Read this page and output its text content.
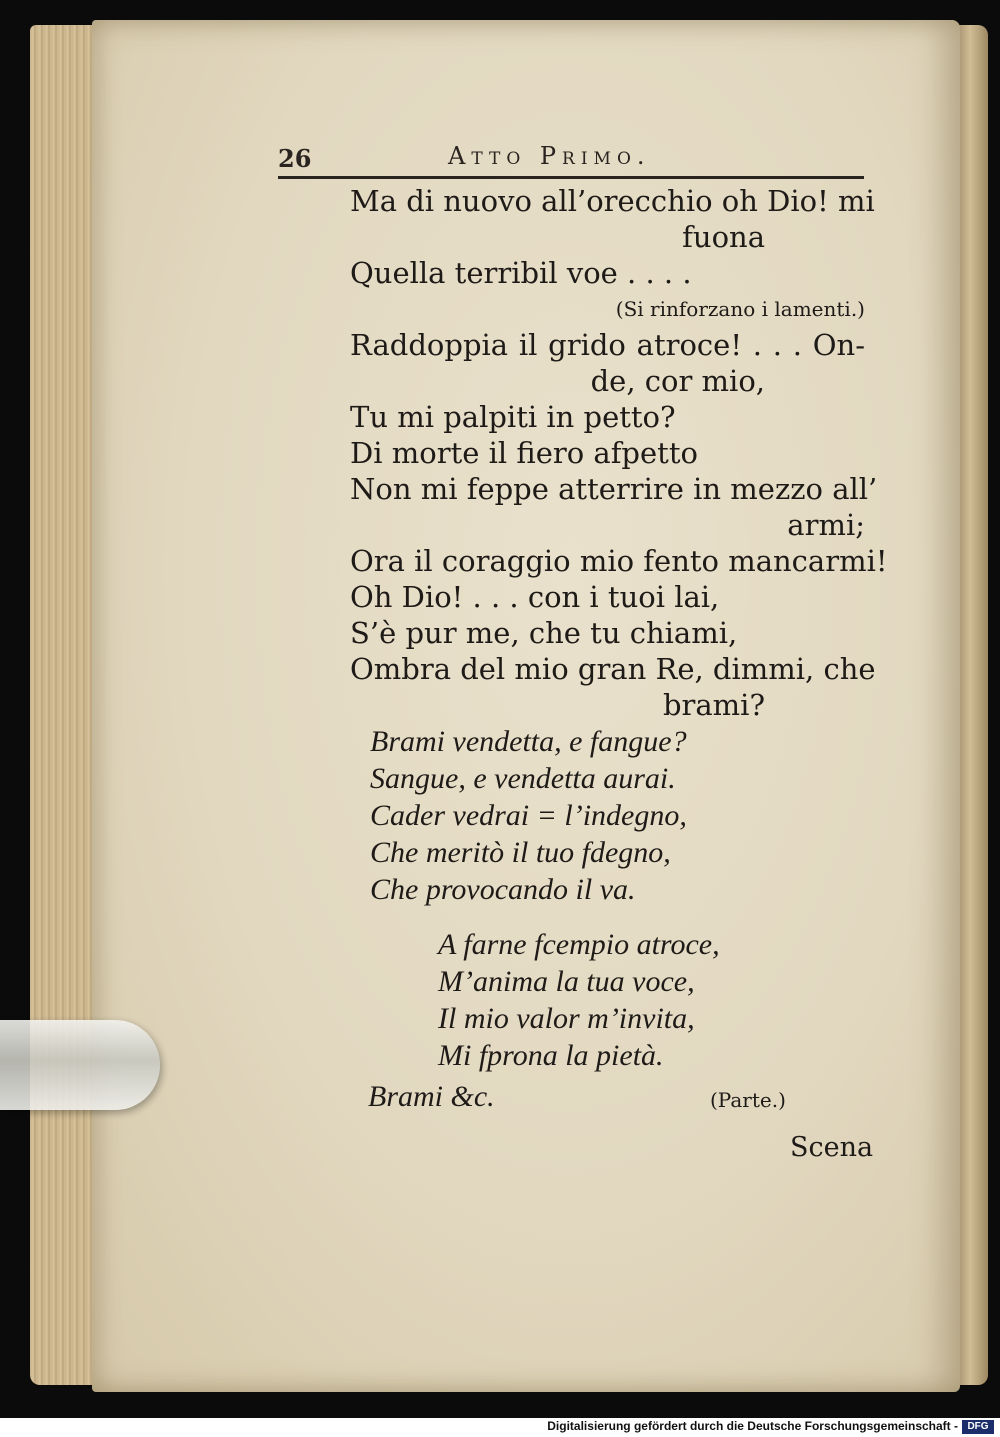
26	Atto Primo.
Ma di nuovo all’orecchio oh Dio! mi
fuona
Quella terribil voe . . . .
(Si rinforzano i lamenti.)
Raddoppia il grido atroce! . . . On-
de, cor mio,
Tu mi palpiti in petto?
Di morte il fiero afpetto
Non mi feppe atterrire in mezzo all’
armi;
Ora il coraggio mio fento mancarmi!
Oh Dio! . . . con i tuoi lai,
S’è pur me, che tu chiami,
Ombra del mio gran Re, dimmi, che
brami?
Brami vendetta, e fangue?
Sangue, e vendetta aurai.
Cader vedrai = l’indegno,
Che meritò il tuo fdegno,
Che provocando il va.
A farne fcempio atroce,
M’anima la tua voce,
Il mio valor m’invita,
Mi fprona la pietà.
Brami &c.	(Parte.)
Scena
Digitalisierung gefördert durch die Deutsche Forschungsgemeinschaft - DFG
